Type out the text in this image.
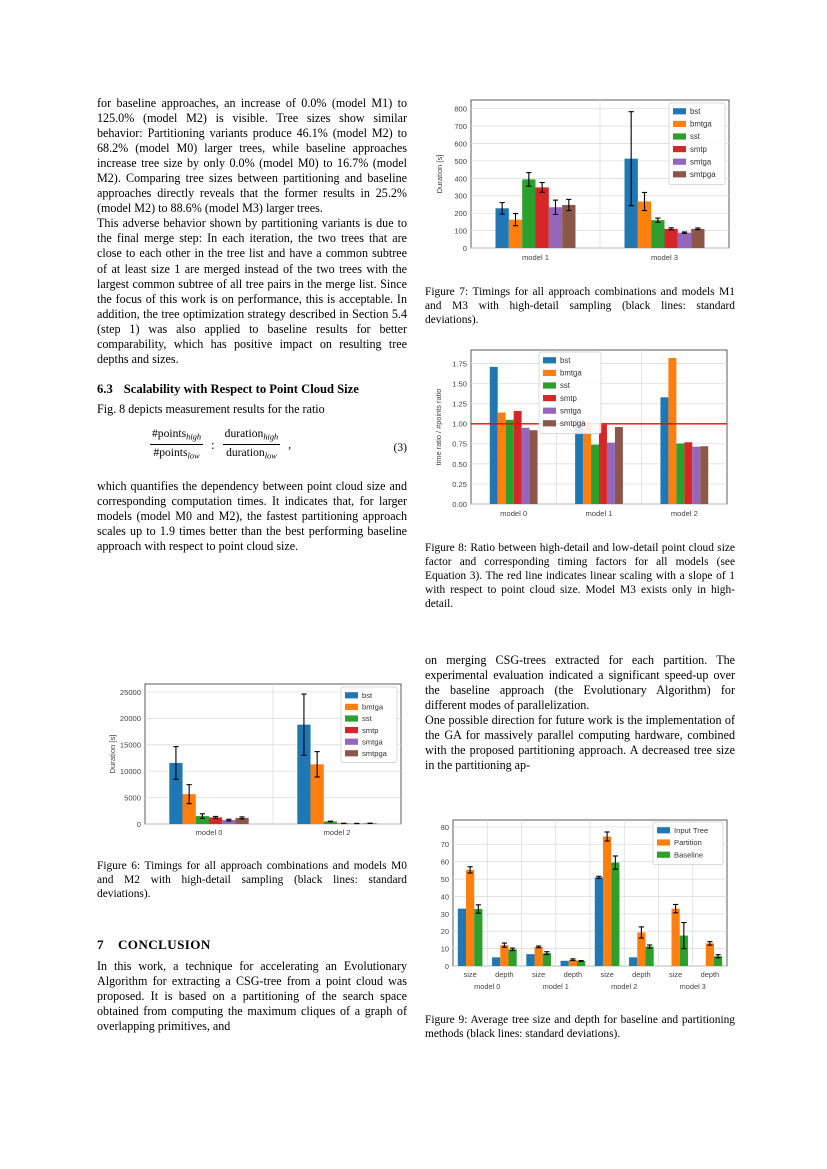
for baseline approaches, an increase of 0.0% (model M1) to 125.0% (model M2) is visible. Tree sizes show similar behavior: Partitioning variants produce 46.1% (model M2) to 68.2% (model M0) larger trees, while baseline approaches increase tree size by only 0.0% (model M0) to 16.7% (model M2). Comparing tree sizes between partitioning and baseline approaches directly reveals that the former results in 25.2% (model M2) to 88.6% (model M3) larger trees.

This adverse behavior shown by partitioning variants is due to the final merge step: In each iteration, the two trees that are close to each other in the tree list and have a common subtree of at least size 1 are merged instead of the two trees with the largest common subtree of all tree pairs in the merge list. Since the focus of this work is on performance, this is acceptable. In addition, the tree optimization strategy described in Section 5.4 (step 1) was also applied to baseline results for better comparability, which has positive impact on resulting tree depths and sizes.

6.3 Scalability with Respect to Point Cloud Size

Fig. 8 depicts measurement results for the ratio

$\frac{\#points_{high}}{\#points_{low}}$ : $\frac{duration_{high}}{duration_{low}}$ ,	(3)

which quantifies the dependency between point cloud size and corresponding computation times. It indicates that, for larger models (model M0 and M2), the fastest partitioning approach scales up to 1.9 times better than the best performing baseline approach with respect to point cloud size.

0
5000
10000
15000
20000
25000
model 0	model 2
Duration [s]
bst
bmtga
sst
smtp
smtga
smtpga
Figure 6: Timings for all approach combinations and models M0 and M2 with high-detail sampling (black lines: standard deviations).
7 CONCLUSION

In this work, a technique for accelerating an Evolutionary Algorithm for extracting a CSG-tree from a point cloud was proposed. It is based on a partitioning of the search space obtained from computing the maximum cliques of a graph of overlapping primitives, and

0
100
200
300
400
500
600
700
800
model 1	model 3
Duration [s]
bst
bmtga
sst
smtp
smtga
smtpga
Figure 7: Timings for all approach combinations and models M1 and M3 with high-detail sampling (black lines: standard deviations).
0.00
0.25
0.50
0.75
1.00
1.25
1.50
1.75
model 0	model 1	model 2
time ratio / #points ratio
bst
bmtga
sst
smtp
smtga
smtpga
Figure 8: Ratio between high-detail and low-detail point cloud size factor and corresponding timing factors for all models (see Equation 3). The red line indicates linear scaling with a slope of 1 with respect to point cloud size. Model M3 exists only in high-detail.

on merging CSG-trees extracted for each partition. The experimental evaluation indicated a significant speed-up over the baseline approach (the Evolutionary Algorithm) for different modes of parallelization.

One possible direction for future work is the implementation of the GA for massively parallel computing hardware, combined with the proposed partitioning approach. A decreased tree size in the partitioning ap-

0
10
20
30
40
50
60
70
80
size depth size depth size depth size depth
model 0	model 1	model 2	model 3
Input Tree
Partition
Baseline
Figure 9: Average tree size and depth for baseline and partitioning methods (black lines: standard deviations).
